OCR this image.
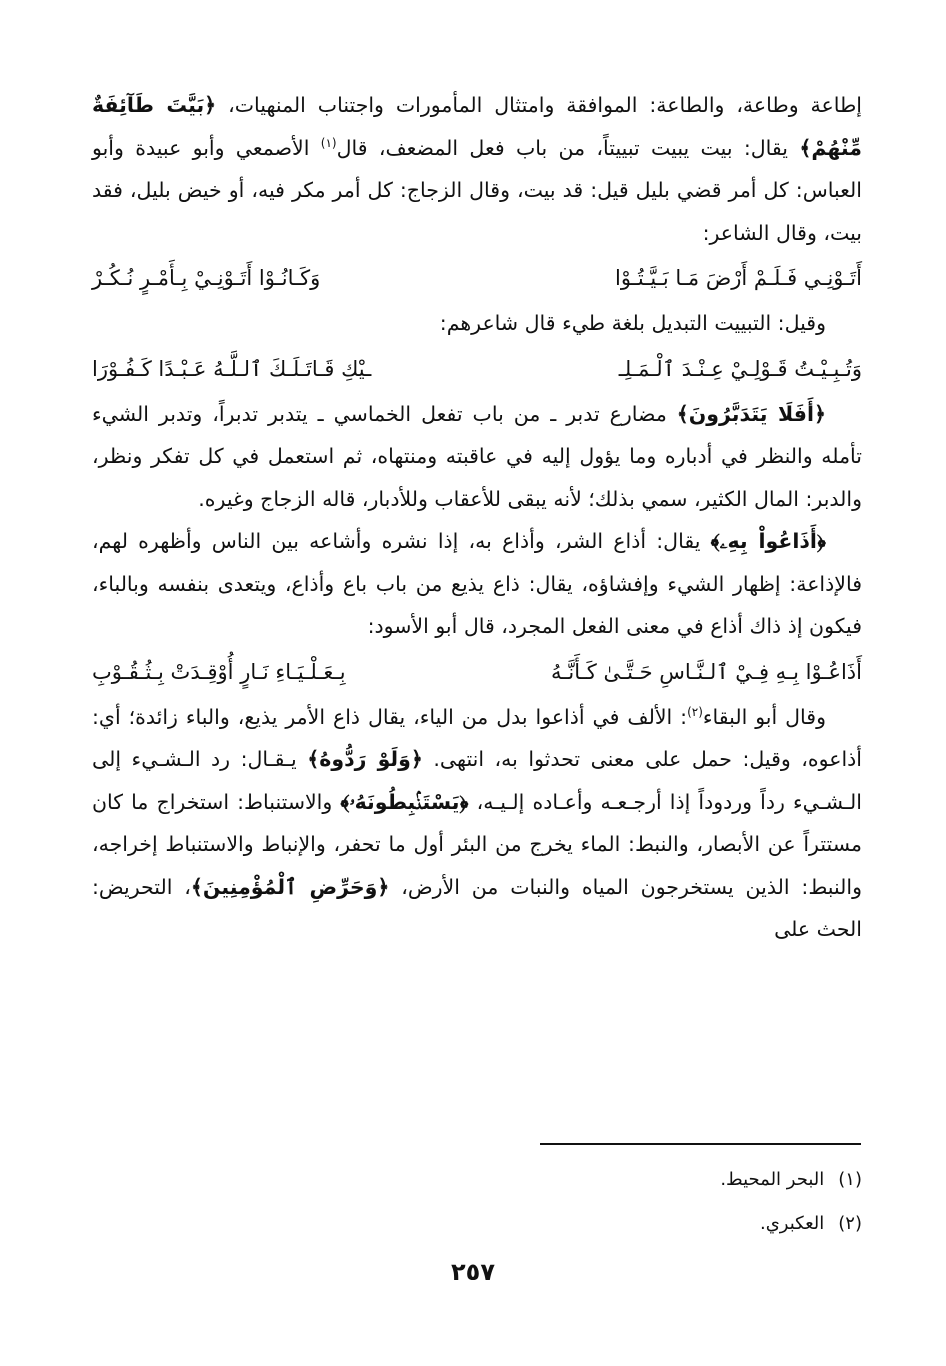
إطاعة وطاعة، والطاعة: الموافقة وامتثال المأمورات واجتناب المنهيات، ﴿بَيَّتَ طَآئِفَةٌ مِّنْهُمْ﴾ يقال: بيت يبيت تبييتاً، من باب فعل المضعف، قال$^{(١)}$ الأصمعي وأبو عبيدة وأبو العباس: كل أمر قضي بليل قيل: قد بيت، وقال الزجاج: كل أمر مكر فيه، أو خيض بليل، فقد بيت، وقال الشاعر:

أَتَـوْنِـي فَـلَـمْ أَرْضَ مَـا بَـيَّـتُـوْا
وَكَـانُـوْا أَتَـوْنِـيْ بِـأَمْـرٍ نُـكُـرْ

وقيل: التبييت التبديل بلغة طيء قال شاعرهم:

وَتُـبِـيْـتُ قَـوْلِـيْ عِـنْـدَ ٱلْـمَـلِـ
ـيْكِ قَـاتَـلَـكَ ٱلـلَّـهُ عَـبْـدًا كَـفُـوْرَا

﴿أَفَلَا يَتَدَبَّرُونَ﴾ مضارع تدبر ـ من باب تفعل الخماسي ـ يتدبر تدبراً، وتدبر الشيء تأمله والنظر في أدباره وما يؤول إليه في عاقبته ومنتهاه، ثم استعمل في كل تفكر ونظر، والدبر: المال الكثير، سمي بذلك؛ لأنه يبقى للأعقاب وللأدبار، قاله الزجاج وغيره.

﴿أَذَاعُواْ بِهِۦ﴾ يقال: أذاع الشر، وأذاع به، إذا نشره وأشاعه بين الناس وأظهره لهم، فالإذاعة: إظهار الشيء وإفشاؤه، يقال: ذاع يذيع من باب باع وأذاع، ويتعدى بنفسه وبالباء، فيكون إذ ذاك أذاع في معنى الفعل المجرد، قال أبو الأسود:

أَذَاعُـوْا بِـهِ فِـيْ ٱلـنَّـاسِ حَـتَّـىٰ كَـأَنَّـهُ
بِـعَـلْـيَـاءِ نَـارٍ أُوْقِـدَتْ بِـثُـقُـوْبِ

وقال أبو البقاء$^{(٢)}$: الألف في أذاعوا بدل من الياء، يقال ذاع الأمر يذيع، والباء زائدة؛ أي: أذاعوه، وقيل: حمل على معنى تحدثوا به، انتهى. ﴿وَلَوْ رَدُّوهُ﴾ يـقـال: رد الـشـيء إلى الـشـيء رداً وردوداً إذا أرجـعـه وأعـاده إلـيـه، ﴿يَسْتَنۢبِطُونَهُۥ﴾ والاستنباط: استخراج ما كان مستتراً عن الأبصار، والنبط: الماء يخرج من البئر أول ما تحفر، والإنباط والاستنباط إخراجه، والنبط: الذين يستخرجون المياه والنبات من الأرض، ﴿وَحَرِّضِ ٱلْمُؤْمِنِينَ﴾، التحريض: الحث على

(١)البحر المحيط.
(٢)العكبري.
٢٥٧
